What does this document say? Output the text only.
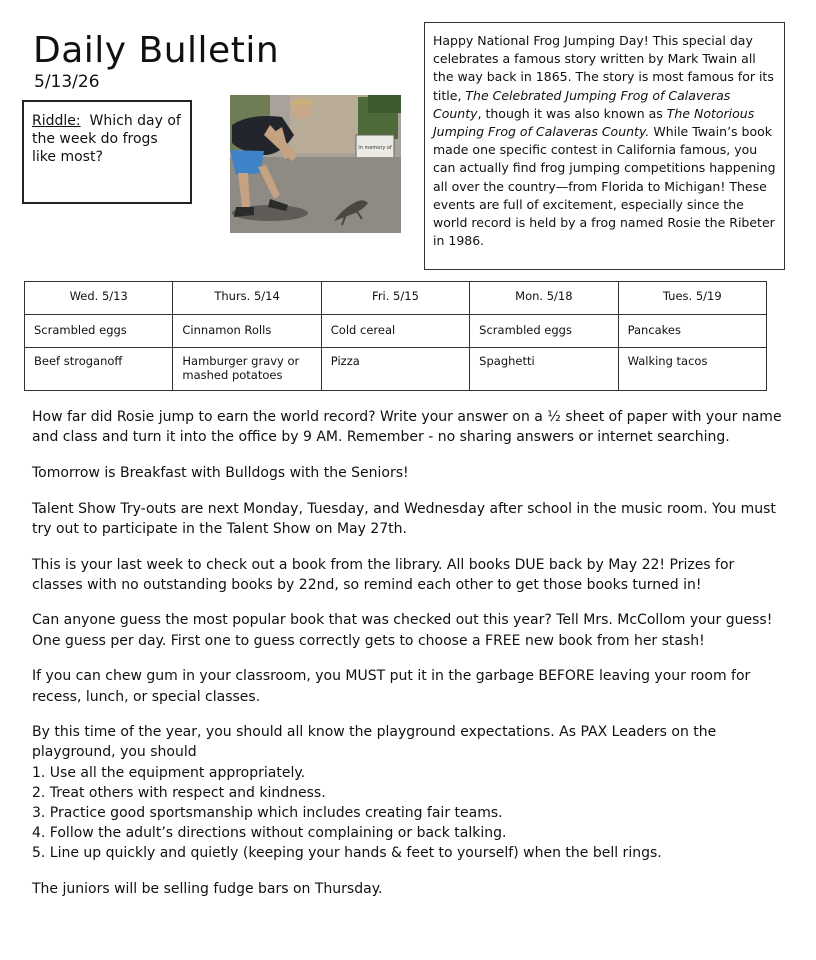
Daily Bulletin
5/13/26
Riddle: Which day of the week do frogs like most?
In memory of
Happy National Frog Jumping Day! This special day celebrates a famous story written by Mark Twain all the way back in 1865. The story is most famous for its title, The Celebrated Jumping Frog of Calaveras County, though it was also known as The Notorious Jumping Frog of Calaveras County. While Twain’s book made one specific contest in California famous, you can actually find frog jumping competitions happening all over the country—from Florida to Michigan! These events are full of excitement, especially since the world record is held by a frog named Rosie the Ribeter in 1986.
Wed. 5/13	Thurs. 5/14	Fri. 5/15	Mon. 5/18	Tues. 5/19
Scrambled eggs	Cinnamon Rolls	Cold cereal	Scrambled eggs	Pancakes
Beef stroganoff	Hamburger gravy or mashed potatoes	Pizza	Spaghetti	Walking tacos

How far did Rosie jump to earn the world record? Write your answer on a ½ sheet of paper with your name and class and turn it into the office by 9 AM. Remember - no sharing answers or internet searching.

Tomorrow is Breakfast with Bulldogs with the Seniors!

Talent Show Try-outs are next Monday, Tuesday, and Wednesday after school in the music room. You must try out to participate in the Talent Show on May 27th.

This is your last week to check out a book from the library. All books DUE back by May 22! Prizes for classes with no outstanding books by 22nd, so remind each other to get those books turned in!

Can anyone guess the most popular book that was checked out this year? Tell Mrs. McCollom your guess! One guess per day. First one to guess correctly gets to choose a FREE new book from her stash!

If you can chew gum in your classroom, you MUST put it in the garbage BEFORE leaving your room for recess, lunch, or special classes.

By this time of the year, you should all know the playground expectations. As PAX Leaders on the playground, you should
1. Use all the equipment appropriately.
2. Treat others with respect and kindness.
3. Practice good sportsmanship which includes creating fair teams.
4. Follow the adult’s directions without complaining or back talking.
5. Line up quickly and quietly (keeping your hands & feet to yourself) when the bell rings.

The juniors will be selling fudge bars on Thursday.
